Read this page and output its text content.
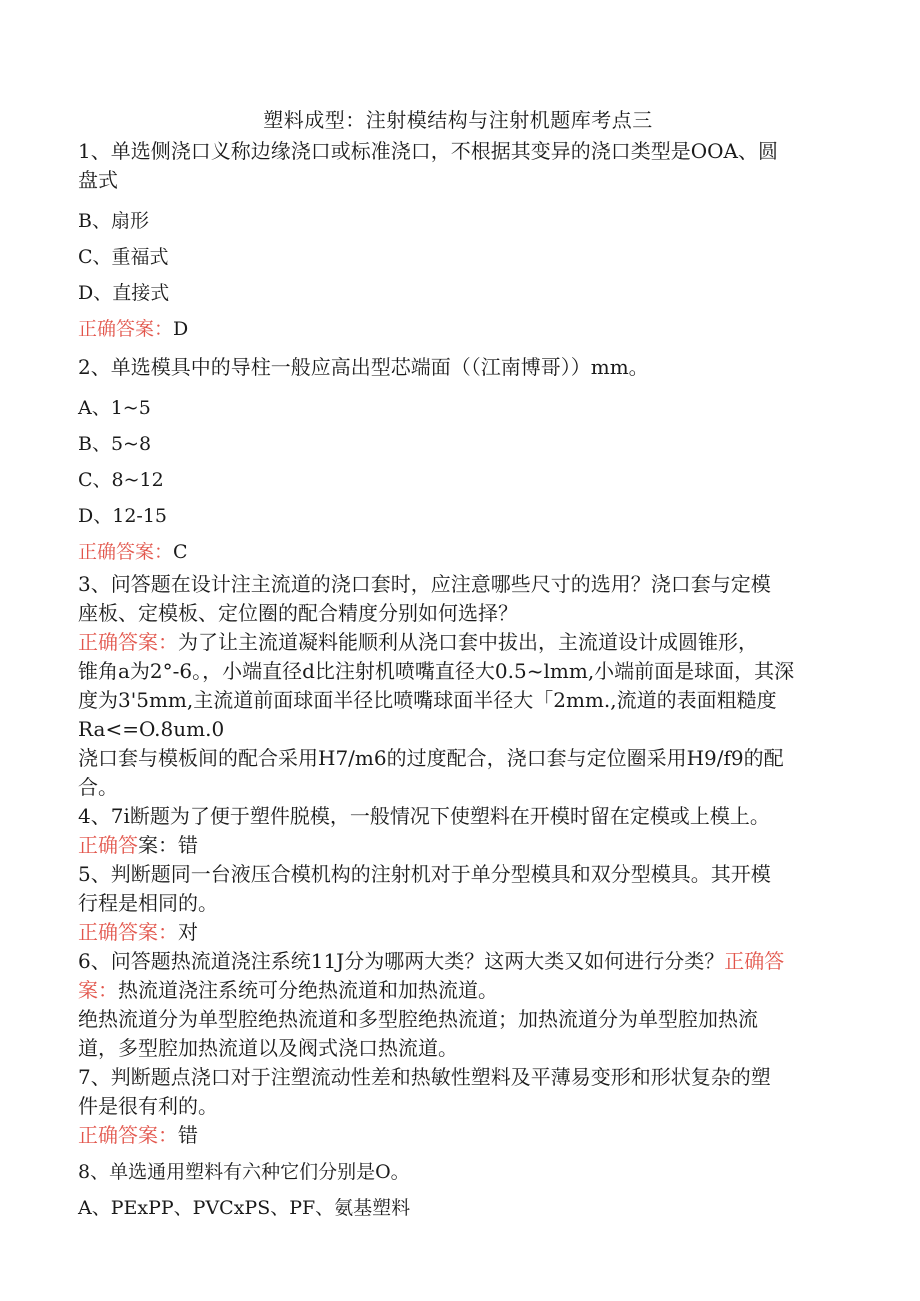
塑料成型：注射模结构与注射机题库考点三

1、单选侧浇口义称边缘浇口或标准浇口，不根据其变异的浇口类型是OOA、圆

盘式

B、扇形

C、重福式

D、直接式

正确答案：D

2、单选模具中的导柱一般应高出型芯端面（（江南博哥））mm。

A、1~5

B、5~8

C、8~12

D、12-15

正确答案：C

3、问答题在设计注主流道的浇口套时，应注意哪些尺寸的选用？浇口套与定模

座板、定模板、定位圈的配合精度分别如何选择？

正确答案：为了让主流道凝料能顺利从浇口套中拔出，主流道设计成圆锥形，

锥角a为2°-6。，小端直径d比注射机喷嘴直径大0.5~lmm,小端前面是球面，其深

度为3'5mm,主流道前面球面半径比喷嘴球面半径大「2mm.,流道的表面粗糙度

Ra<=O.8um.0

浇口套与模板间的配合采用H7∕m6的过度配合，浇口套与定位圈采用H9∕f9的配

合。

4、7i断题为了便于塑件脱模，一般情况下使塑料在开模时留在定模或上模上。

正确答案：错

5、判断题同一台液压合模机构的注射机对于单分型模具和双分型模具。其开模

行程是相同的。

正确答案：对

6、问答题热流道浇注系统11J分为哪两大类？这两大类又如何进行分类？正确答

案：热流道浇注系统可分绝热流道和加热流道。

绝热流道分为单型腔绝热流道和多型腔绝热流道；加热流道分为单型腔加热流

道，多型腔加热流道以及阀式浇口热流道。

7、判断题点浇口对于注塑流动性差和热敏性塑料及平薄易变形和形状复杂的塑

件是很有利的。

正确答案：错

8、单选通用塑料有六种它们分别是O。

A、PExPP、PVCxPS、PF、氨基塑料
